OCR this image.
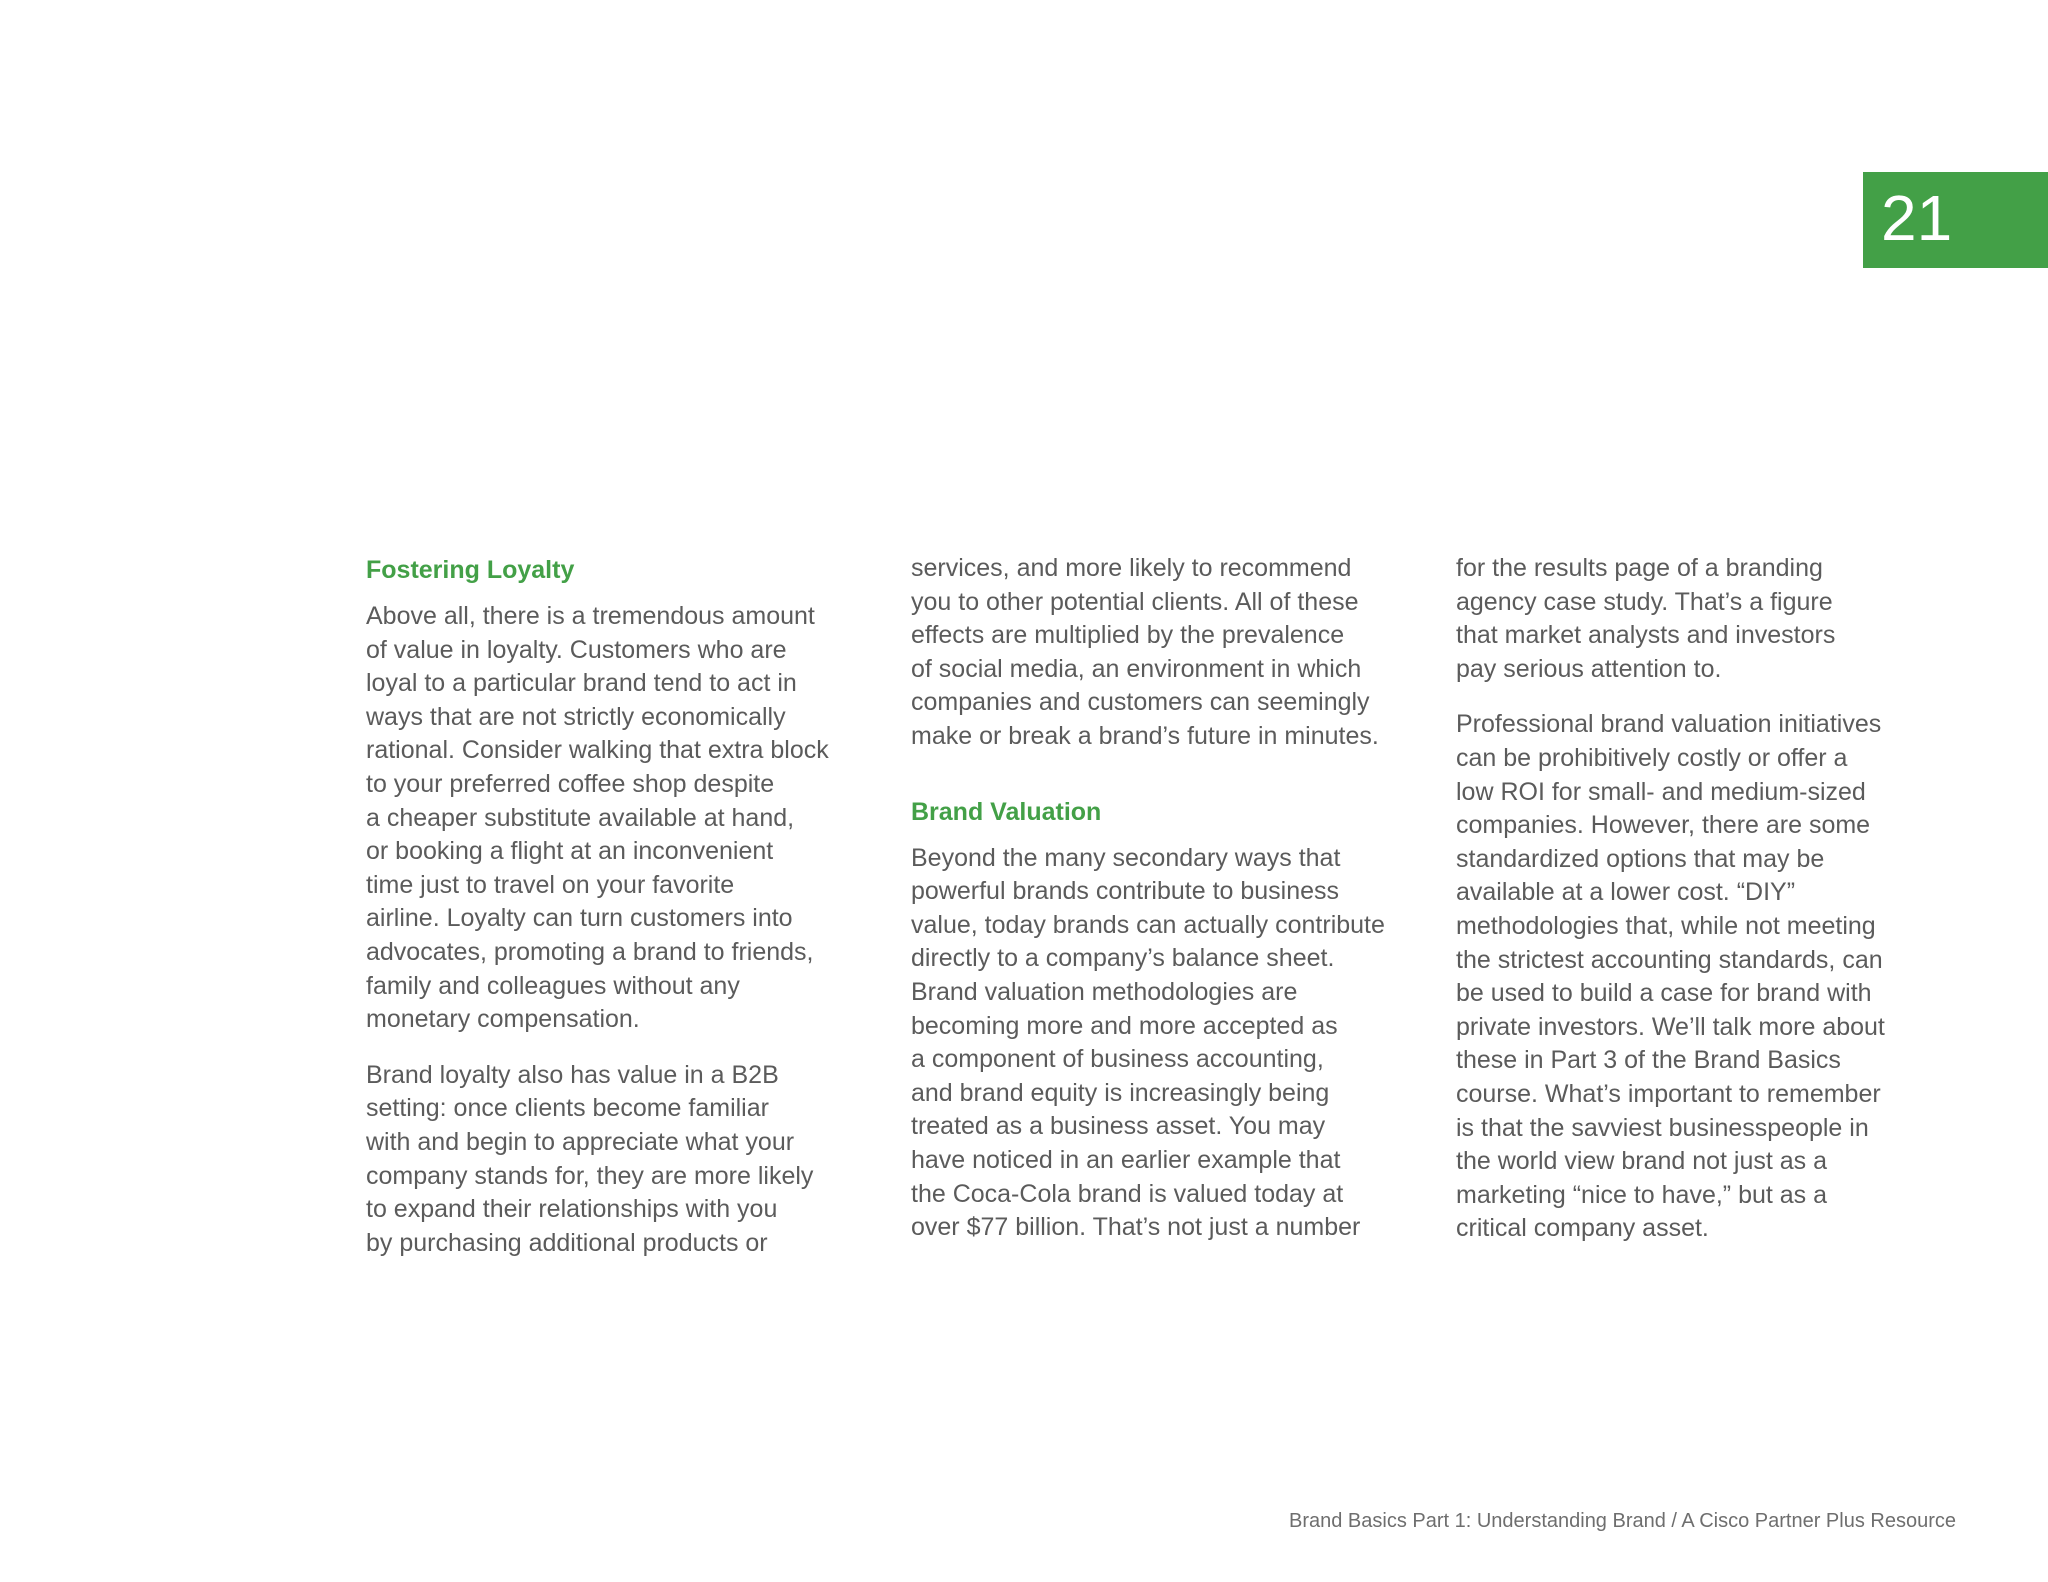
21
Fostering Loyalty

Above all, there is a tremendous amount
of value in loyalty. Customers who are
loyal to a particular brand tend to act in
ways that are not strictly economically
rational. Consider walking that extra block
to your preferred coffee shop despite
a cheaper substitute available at hand,
or booking a flight at an inconvenient
time just to travel on your favorite
airline. Loyalty can turn customers into
advocates, promoting a brand to friends,
family and colleagues without any
monetary compensation.

Brand loyalty also has value in a B2B
setting: once clients become familiar
with and begin to appreciate what your
company stands for, they are more likely
to expand their relationships with you
by purchasing additional products or

services, and more likely to recommend
you to other potential clients. All of these
effects are multiplied by the prevalence
of social media, an environment in which
companies and customers can seemingly
make or break a brand’s future in minutes.

Brand Valuation

Beyond the many secondary ways that
powerful brands contribute to business
value, today brands can actually contribute
directly to a company’s balance sheet.
Brand valuation methodologies are
becoming more and more accepted as
a component of business accounting,
and brand equity is increasingly being
treated as a business asset. You may
have noticed in an earlier example that
the Coca-Cola brand is valued today at
over $77 billion. That’s not just a number

for the results page of a branding
agency case study. That’s a figure
that market analysts and investors
pay serious attention to.

Professional brand valuation initiatives
can be prohibitively costly or offer a
low ROI for small- and medium-sized
companies. However, there are some
standardized options that may be
available at a lower cost. “DIY”
methodologies that, while not meeting
the strictest accounting standards, can
be used to build a case for brand with
private investors. We’ll talk more about
these in Part 3 of the Brand Basics
course. What’s important to remember
is that the savviest businesspeople in
the world view brand not just as a
marketing “nice to have,” but as a
critical company asset.

Brand Basics Part 1: Understanding Brand / A Cisco Partner Plus Resource
